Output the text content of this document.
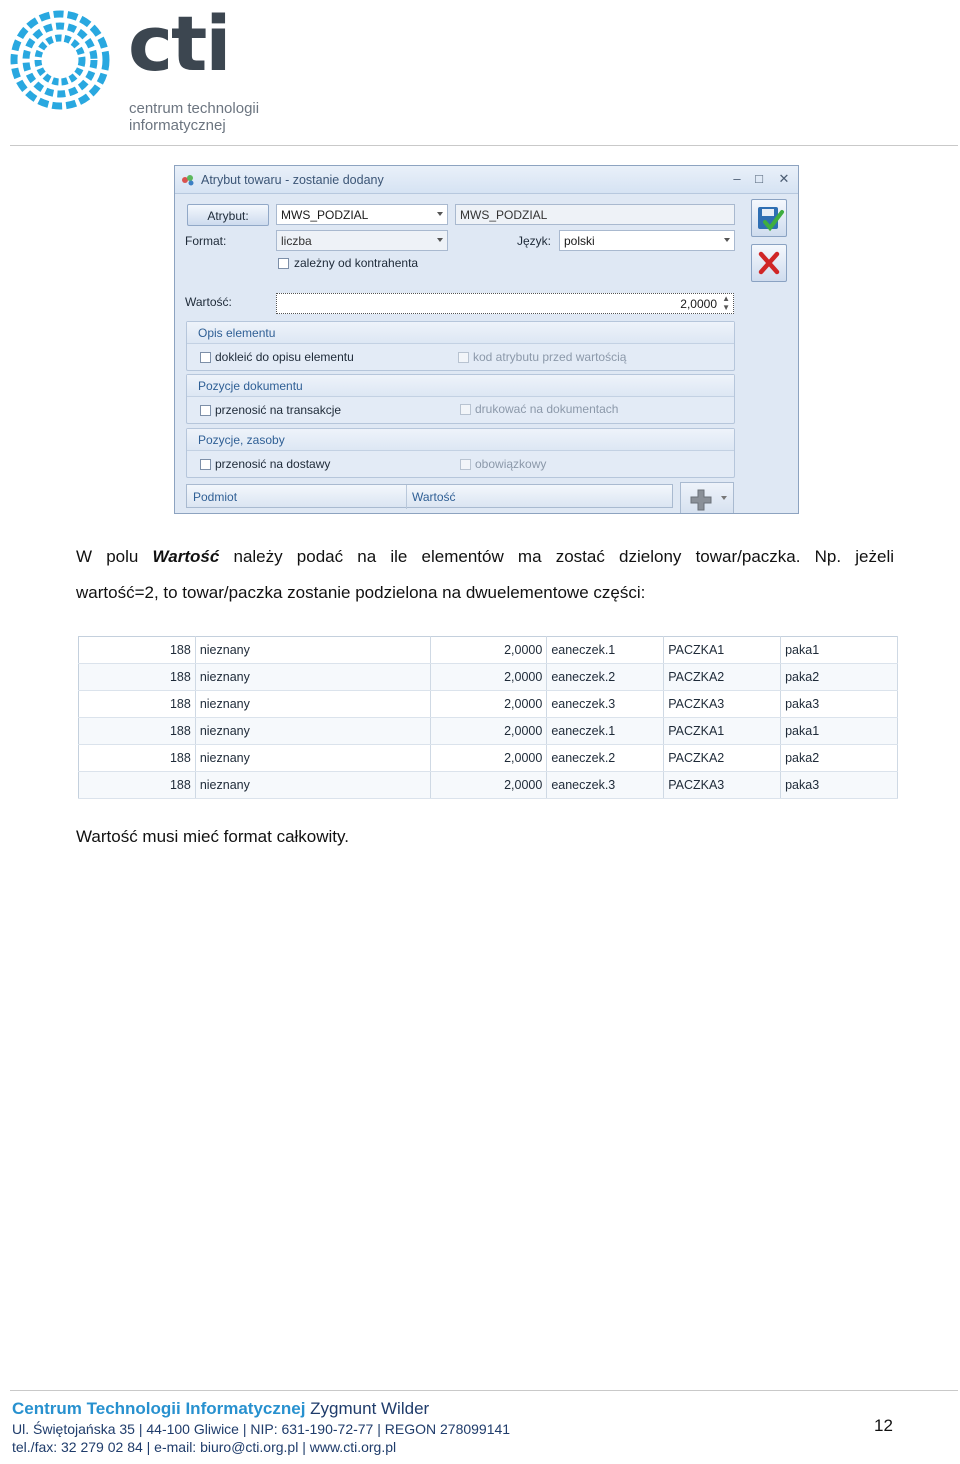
cti
centrum technologii
informatycznej
Atrybut towaru - zostanie dodany	–	□	✕
Atrybut:	MWS_PODZIAL	MWS_PODZIAL
Format:	liczba	Język:	polski
zależny od kontrahenta
Wartość:	2,0000 ▲
▼
Opis elementu
dokleić do opisu elementu	kod atrybutu przed wartością
Pozycje dokumentu
przenosić na transakcje	drukować na dokumentach
Pozycje, zasoby
przenosić na dostawy	obowiązkowy
Podmiot	Wartość
W polu Wartość należy podać na ile elementów ma zostać dzielony towar/paczka. Np. jeżeli
wartość=2, to towar/paczka zostanie podzielona na dwuelementowe części:
188	nieznany	2,0000	eaneczek.1	PACZKA1	paka1
188	nieznany	2,0000	eaneczek.2	PACZKA2	paka2
188	nieznany	2,0000	eaneczek.3	PACZKA3	paka3
188	nieznany	2,0000	eaneczek.1	PACZKA1	paka1
188	nieznany	2,0000	eaneczek.2	PACZKA2	paka2
188	nieznany	2,0000	eaneczek.3	PACZKA3	paka3
Wartość musi mieć format całkowity.
Centrum Technologii Informatycznej Zygmunt Wilder
Ul. Świętojańska 35 | 44-100 Gliwice | NIP: 631-190-72-77 | REGON 278099141
tel./fax: 32 279 02 84 | e-mail: biuro@cti.org.pl | www.cti.org.pl
12
